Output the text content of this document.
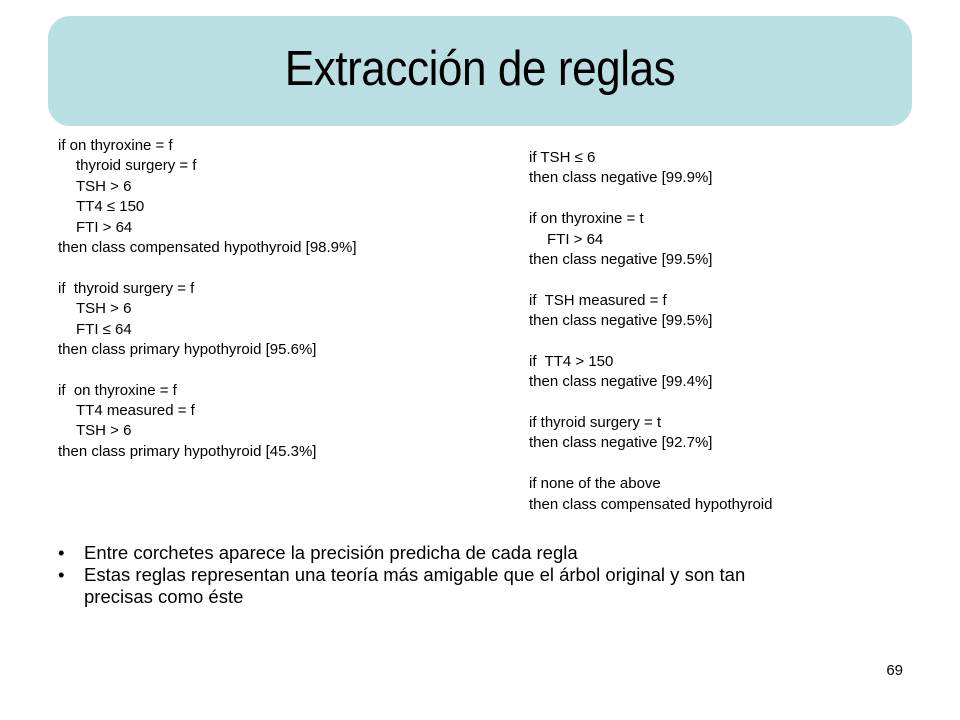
Extracción de reglas
if on thyroxine = f
thyroid surgery = f
TSH > 6
TT4 ≤ 150
FTI > 64
then class compensated hypothyroid [98.9%]
if  thyroid surgery = f
TSH > 6
FTI ≤ 64
then class primary hypothyroid [95.6%]
if  on thyroxine = f
TT4 measured = f
TSH > 6
then class primary hypothyroid [45.3%]
if TSH ≤ 6
then class negative [99.9%]
if on thyroxine = t
FTI > 64
then class negative [99.5%]
if  TSH measured = f
then class negative [99.5%]
if  TT4 > 150
then class negative [99.4%]
if thyroid surgery = t
then class negative [92.7%]
if none of the above
then class compensated hypothyroid
• Entre corchetes aparece la precisión predicha de cada regla
• Estas reglas representan una teoría más amigable que el árbol original y son tan
precisas como éste
69
